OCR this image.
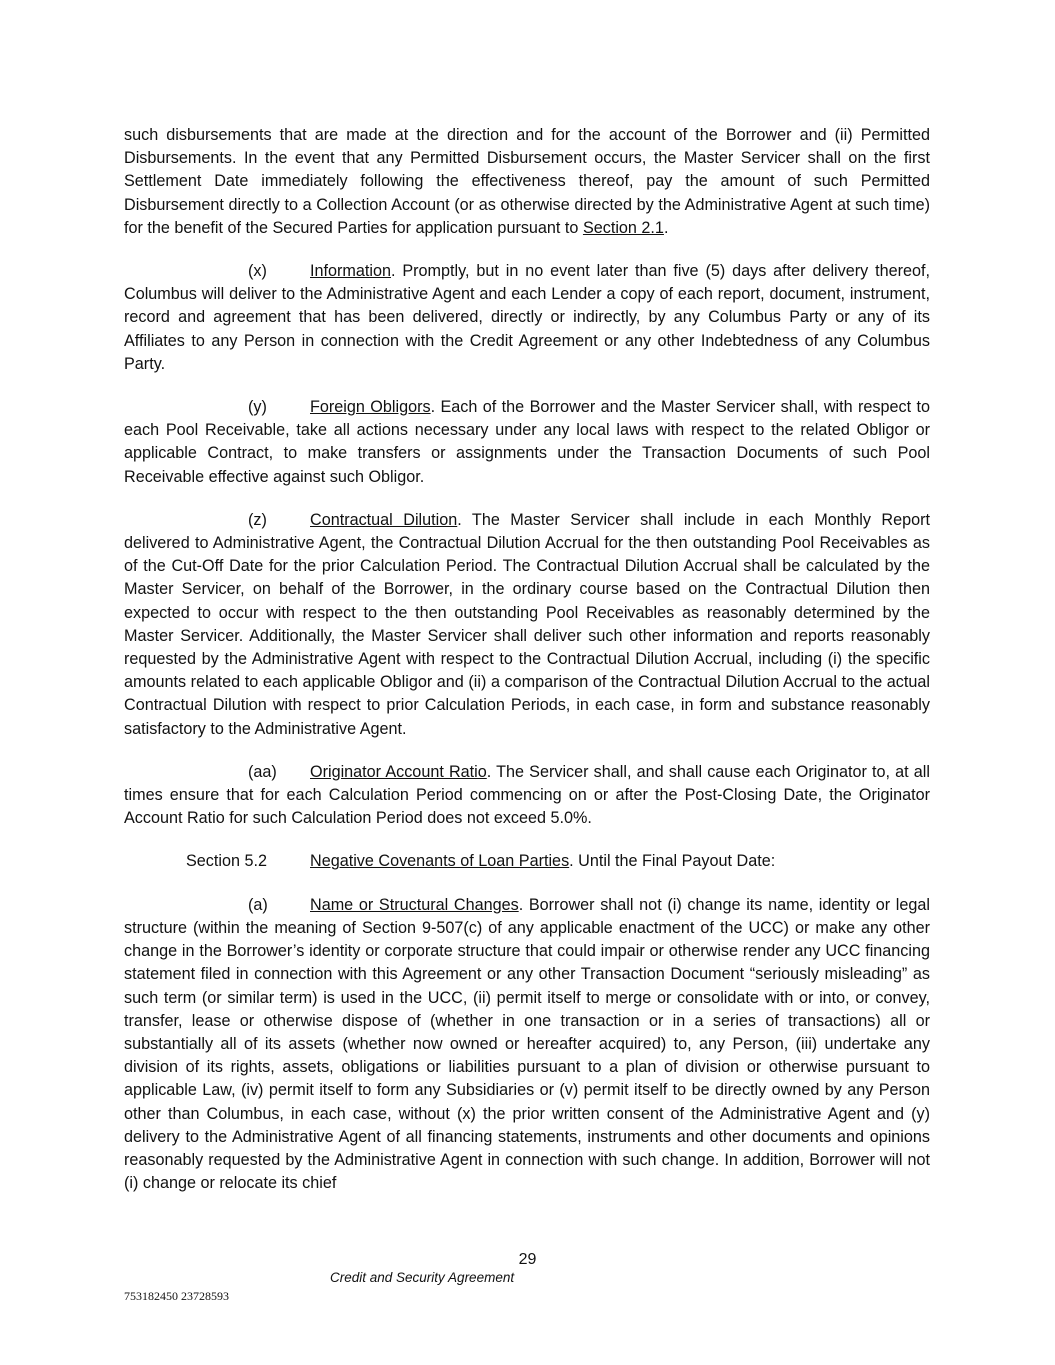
such disbursements that are made at the direction and for the account of the Borrower and (ii) Permitted Disbursements. In the event that any Permitted Disbursement occurs, the Master Servicer shall on the first Settlement Date immediately following the effectiveness thereof, pay the amount of such Permitted Disbursement directly to a Collection Account (or as otherwise directed by the Administrative Agent at such time) for the benefit of the Secured Parties for application pursuant to Section 2.1.

(x)	Information. Promptly, but in no event later than five (5) days after delivery thereof, Columbus will deliver to the Administrative Agent and each Lender a copy of each report, document, instrument, record and agreement that has been delivered, directly or indirectly, by any Columbus Party or any of its Affiliates to any Person in connection with the Credit Agreement or any other Indebtedness of any Columbus Party.

(y)	Foreign Obligors. Each of the Borrower and the Master Servicer shall, with respect to each Pool Receivable, take all actions necessary under any local laws with respect to the related Obligor or applicable Contract, to make transfers or assignments under the Transaction Documents of such Pool Receivable effective against such Obligor.

(z)	Contractual Dilution. The Master Servicer shall include in each Monthly Report delivered to Administrative Agent, the Contractual Dilution Accrual for the then outstanding Pool Receivables as of the Cut-Off Date for the prior Calculation Period. The Contractual Dilution Accrual shall be calculated by the Master Servicer, on behalf of the Borrower, in the ordinary course based on the Contractual Dilution then expected to occur with respect to the then outstanding Pool Receivables as reasonably determined by the Master Servicer. Additionally, the Master Servicer shall deliver such other information and reports reasonably requested by the Administrative Agent with respect to the Contractual Dilution Accrual, including (i) the specific amounts related to each applicable Obligor and (ii) a comparison of the Contractual Dilution Accrual to the actual Contractual Dilution with respect to prior Calculation Periods, in each case, in form and substance reasonably satisfactory to the Administrative Agent.

(aa) Originator Account Ratio. The Servicer shall, and shall cause each Originator to, at all times ensure that for each Calculation Period commencing on or after the Post-Closing Date, the Originator Account Ratio for such Calculation Period does not exceed 5.0%.

Section 5.2	Negative Covenants of Loan Parties. Until the Final Payout Date:

(a)	Name or Structural Changes. Borrower shall not (i) change its name, identity or legal structure (within the meaning of Section 9-507(c) of any applicable enactment of the UCC) or make any other change in the Borrower’s identity or corporate structure that could impair or otherwise render any UCC financing statement filed in connection with this Agreement or any other Transaction Document “seriously misleading” as such term (or similar term) is used in the UCC, (ii) permit itself to merge or consolidate with or into, or convey, transfer, lease or otherwise dispose of (whether in one transaction or in a series of transactions) all or substantially all of its assets (whether now owned or hereafter acquired) to, any Person, (iii) undertake any division of its rights, assets, obligations or liabilities pursuant to a plan of division or otherwise pursuant to applicable Law, (iv) permit itself to form any Subsidiaries or (v) permit itself to be directly owned by any Person other than Columbus, in each case, without (x) the prior written consent of the Administrative Agent and (y) delivery to the Administrative Agent of all financing statements, instruments and other documents and opinions reasonably requested by the Administrative Agent in connection with such change. In addition, Borrower will not (i) change or relocate its chief

29
Credit and Security Agreement
753182450 23728593
